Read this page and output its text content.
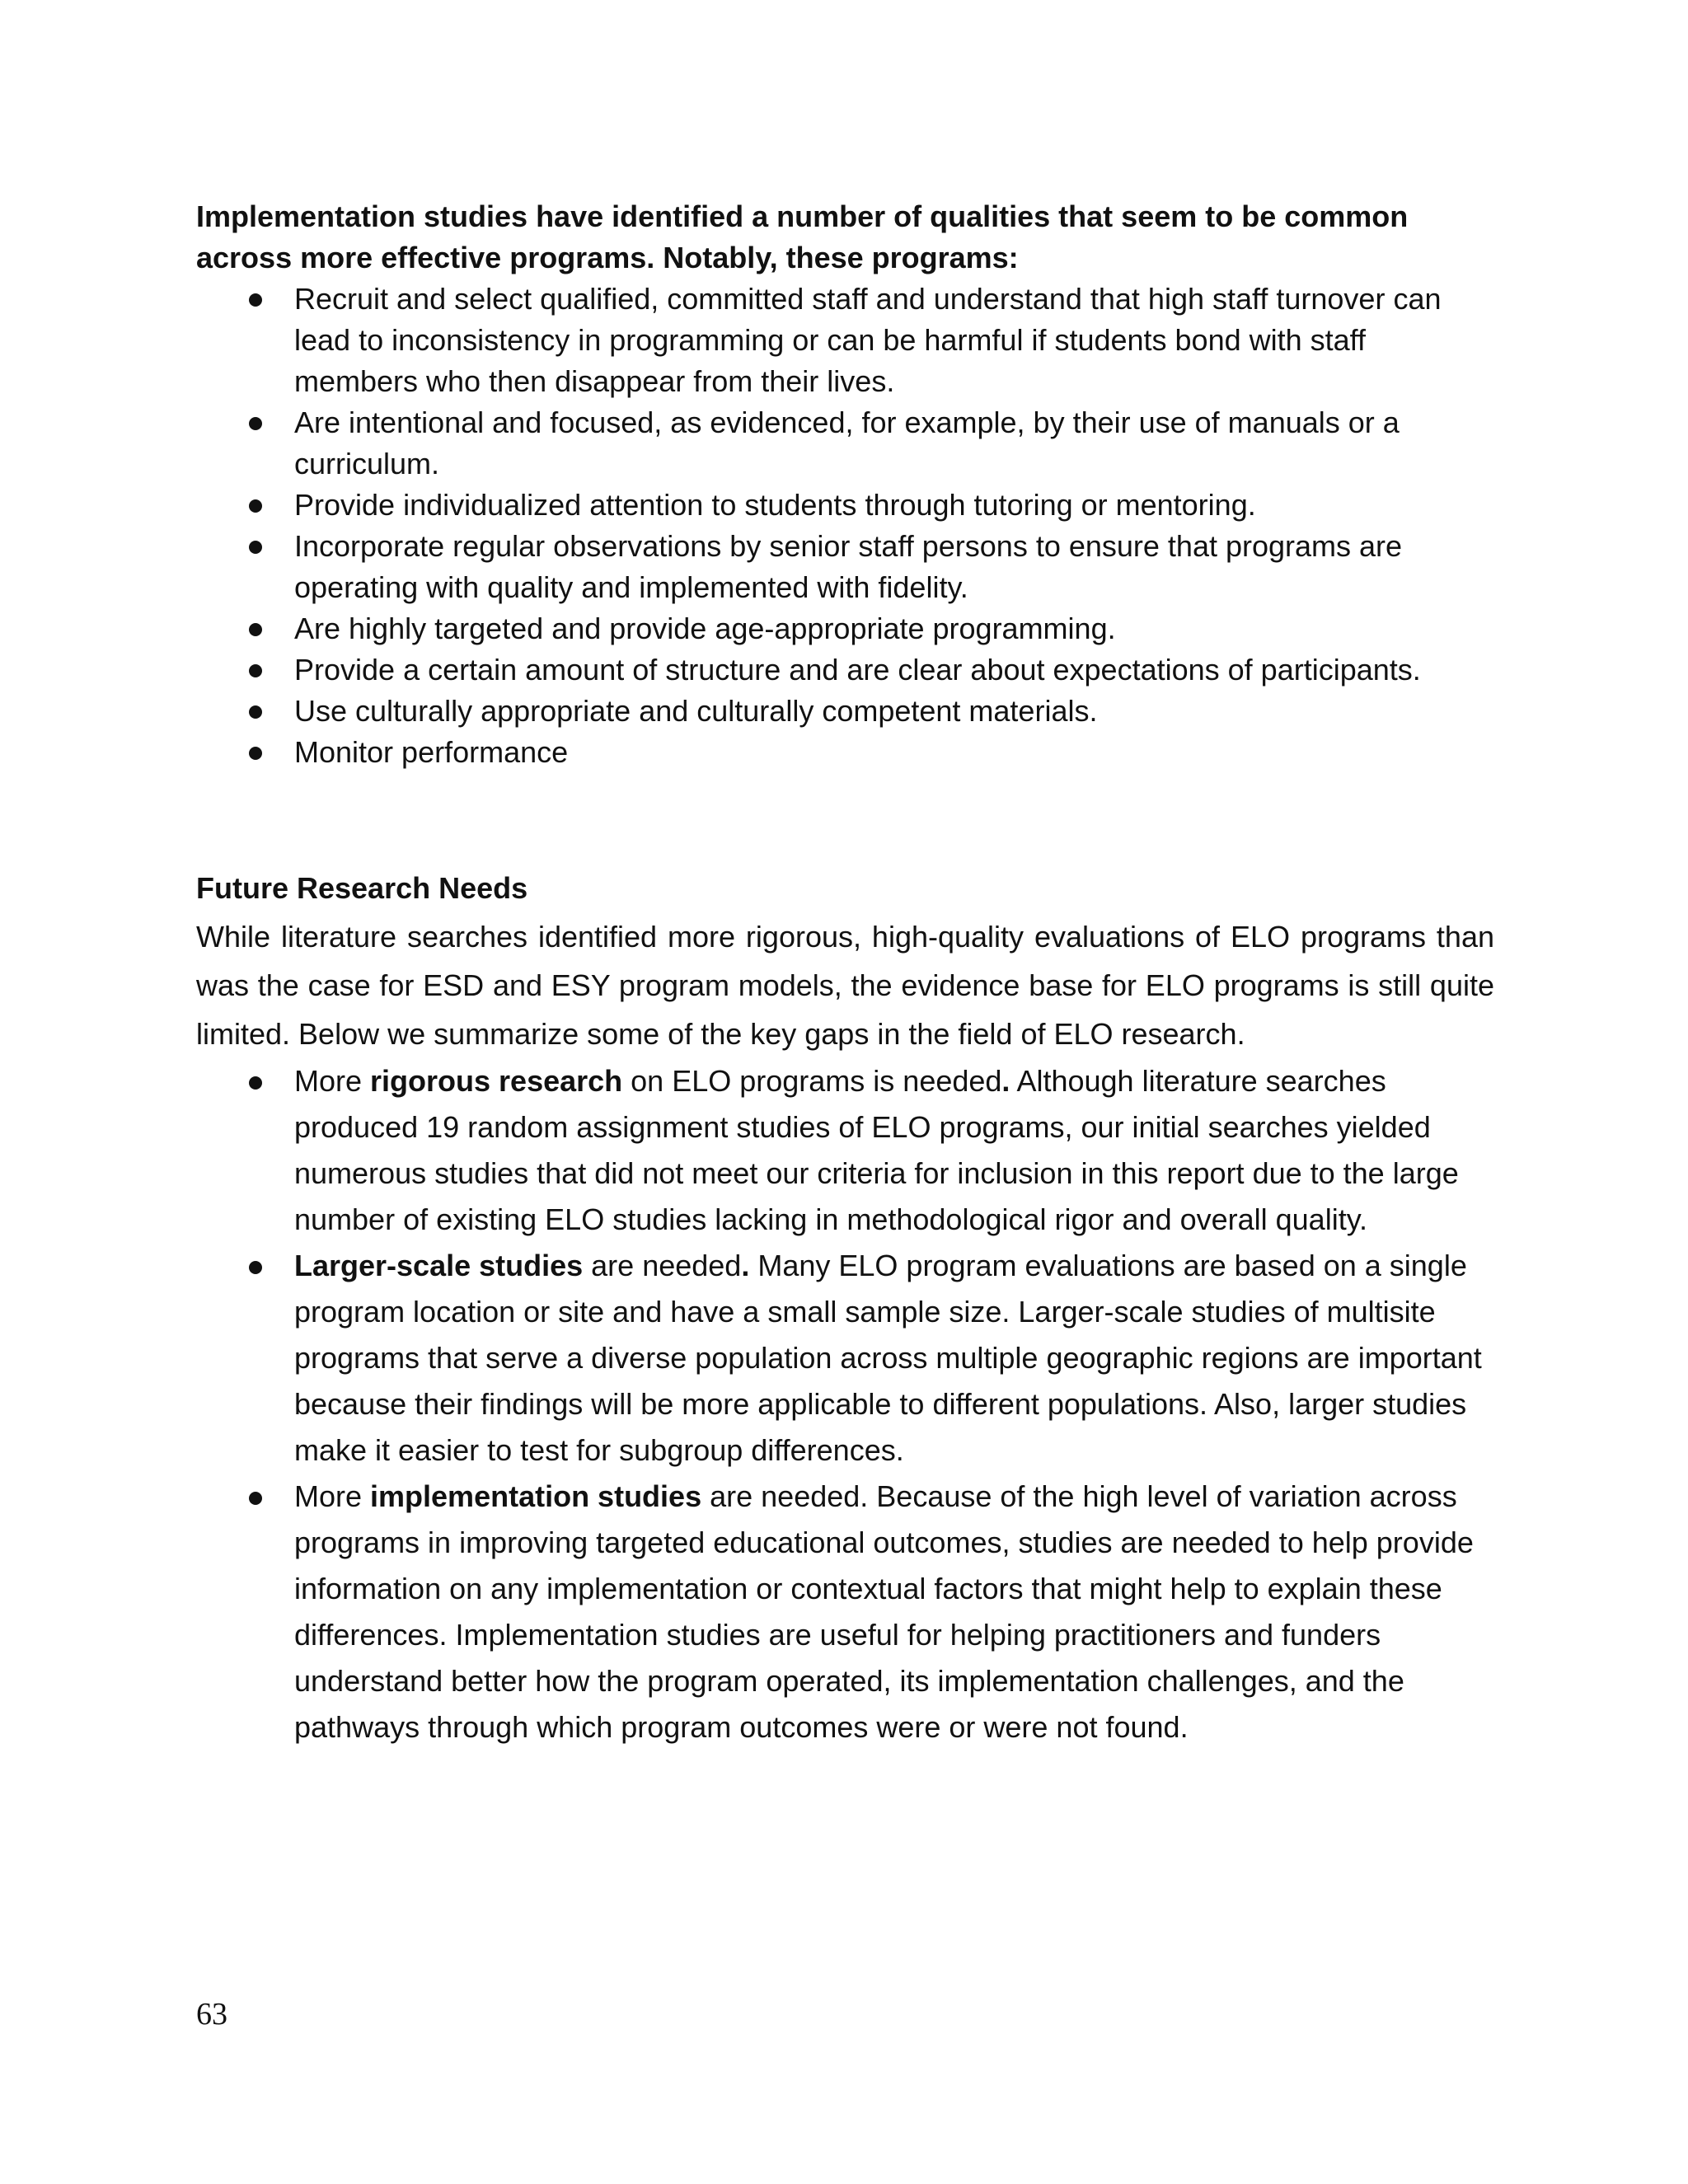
Implementation studies have identified a number of qualities that seem to be common across more effective programs. Notably, these programs:

Recruit and select qualified, committed staff and understand that high staff turnover can lead to inconsistency in programming or can be harmful if students bond with staff members who then disappear from their lives.
Are intentional and focused, as evidenced, for example, by their use of manuals or a curriculum.
Provide individualized attention to students through tutoring or mentoring.
Incorporate regular observations by senior staff persons to ensure that programs are operating with quality and implemented with fidelity.
Are highly targeted and provide age-appropriate programming.
Provide a certain amount of structure and are clear about expectations of participants.
Use culturally appropriate and culturally competent materials.
Monitor performance

Future Research Needs

While literature searches identified more rigorous, high-quality evaluations of ELO programs than was the case for ESD and ESY program models, the evidence base for ELO programs is still quite limited. Below we summarize some of the key gaps in the field of ELO research.

More rigorous research on ELO programs is needed. Although literature searches produced 19 random assignment studies of ELO programs, our initial searches yielded numerous studies that did not meet our criteria for inclusion in this report due to the large number of existing ELO studies lacking in methodological rigor and overall quality.
Larger-scale studies are needed. Many ELO program evaluations are based on a single program location or site and have a small sample size. Larger-scale studies of multisite programs that serve a diverse population across multiple geographic regions are important because their findings will be more applicable to different populations. Also, larger studies make it easier to test for subgroup differences.
More implementation studies are needed. Because of the high level of variation across programs in improving targeted educational outcomes, studies are needed to help provide information on any implementation or contextual factors that might help to explain these differences. Implementation studies are useful for helping practitioners and funders understand better how the program operated, its implementation challenges, and the pathways through which program outcomes were or were not found.
63
